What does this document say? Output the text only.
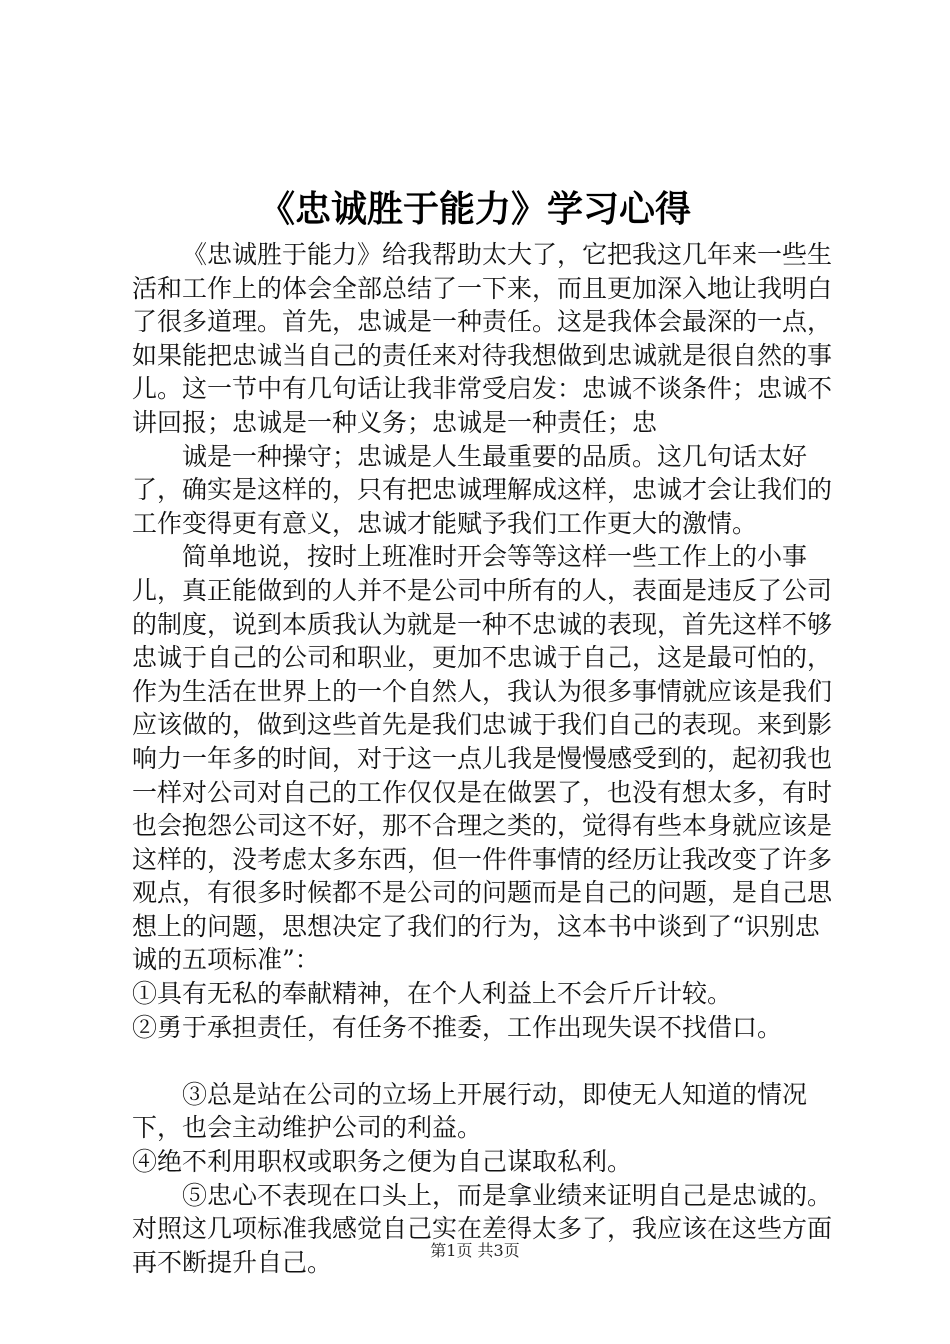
《忠诚胜于能力》学习心得

《忠诚胜于能力》给我帮助太大了，它把我这几年来一些生活和工作上的体会全部总结了一下来，而且更加深入地让我明白了很多道理。首先，忠诚是一种责任。这是我体会最深的一点，如果能把忠诚当自己的责任来对待我想做到忠诚就是很自然的事儿。这一节中有几句话让我非常受启发：忠诚不谈条件；忠诚不讲回报；忠诚是一种义务；忠诚是一种责任；忠

诚是一种操守；忠诚是人生最重要的品质。这几句话太好了，确实是这样的，只有把忠诚理解成这样，忠诚才会让我们的工作变得更有意义，忠诚才能赋予我们工作更大的激情。

简单地说，按时上班准时开会等等这样一些工作上的小事儿，真正能做到的人并不是公司中所有的人，表面是违反了公司的制度，说到本质我认为就是一种不忠诚的表现，首先这样不够忠诚于自己的公司和职业，更加不忠诚于自己，这是最可怕的，作为生活在世界上的一个自然人，我认为很多事情就应该是我们应该做的，做到这些首先是我们忠诚于我们自己的表现。来到影响力一年多的时间，对于这一点儿我是慢慢感受到的，起初我也一样对公司对自己的工作仅仅是在做罢了，也没有想太多，有时也会抱怨公司这不好，那不合理之类的，觉得有些本身就应该是这样的，没考虑太多东西，但一件件事情的经历让我改变了许多观点，有很多时候都不是公司的问题而是自己的问题，是自己思想上的问题，思想决定了我们的行为，这本书中谈到了“识别忠诚的五项标准”：

①具有无私的奉献精神，在个人利益上不会斤斤计较。

②勇于承担责任，有任务不推委，工作出现失误不找借口。

③总是站在公司的立场上开展行动，即使无人知道的情况下，也会主动维护公司的利益。

④绝不利用职权或职务之便为自己谋取私利。

⑤忠心不表现在口头上，而是拿业绩来证明自己是忠诚的。对照这几项标准我感觉自己实在差得太多了，我应该在这些方面再不断提升自己。	第1页 共3页
